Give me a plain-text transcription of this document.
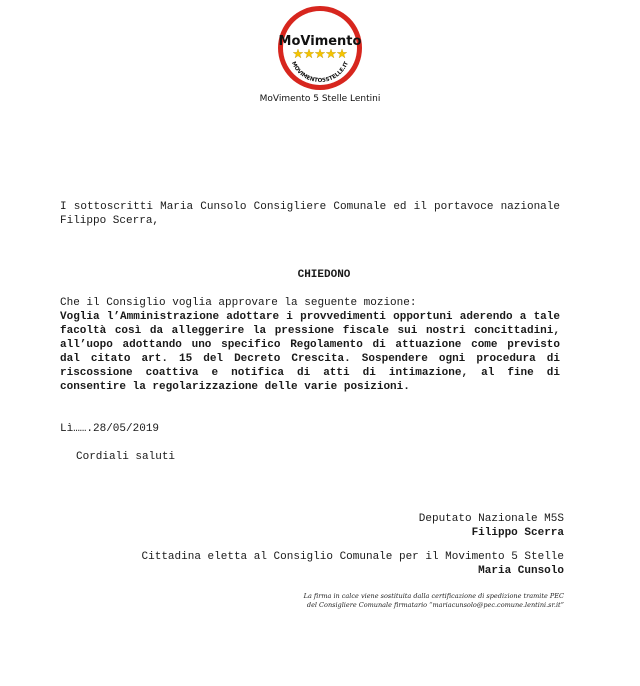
MoVimento
MOVIMENTO5STELLE.IT
MoVimento 5 Stelle Lentini
I sottoscritti Maria Cunsolo Consigliere Comunale ed il portavoce nazionale Filippo Scerra,
CHIEDONO
Che il Consiglio voglia approvare la seguente mozione:
Voglia l’Amministrazione adottare i provvedimenti opportuni aderendo a tale facoltà così da alleggerire la pressione fiscale sui nostri concittadini, all’uopo adottando uno specifico Regolamento di attuazione come previsto dal citato art. 15 del Decreto Crescita. Sospendere ogni procedura di riscossione coattiva e notifica di atti di intimazione, al fine di consentire la regolarizzazione delle varie posizioni.
Lì…….28/05/2019
Cordiali saluti
Deputato Nazionale M5S
Filippo Scerra
Cittadina eletta al Consiglio Comunale per il Movimento 5 Stelle
Maria Cunsolo
La firma in calce viene sostituita dalla certificazione di spedizione tramite PEC
del Consigliere Comunale firmatario “mariacunsolo@pec.comune.lentini.sr.it”
